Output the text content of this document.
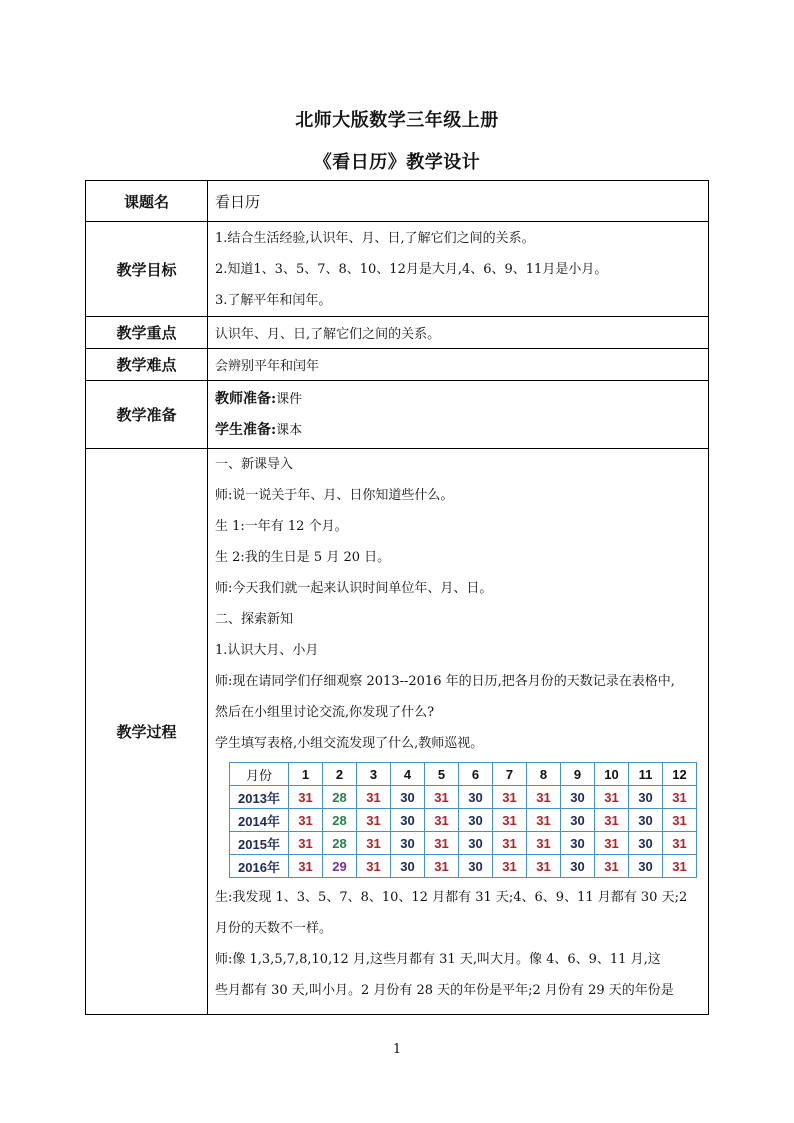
北师大版数学三年级上册
《看日历》教学设计
课题名	看日历
教学目标	
1.结合生活经验,认识年、月、日,了解它们之间的关系。
2.知道1、3、5、7、8、10、12月是大月,4、6、9、11月是小月。
3.了解平年和闰年。

教学重点	认识年、月、日,了解它们之间的关系。
教学难点	会辨别平年和闰年
教学准备	
教师准备:课件
学生准备:课本

教学过程	
一、新课导入
师:说一说关于年、月、日你知道些什么。
生 1:一年有 12 个月。
生 2:我的生日是 5 月 20 日。
师:今天我们就一起来认识时间单位年、月、日。
二、探索新知
1.认识大月、小月
师:现在请同学们仔细观察 2013--2016 年的日历,把各月份的天数记录在表格中,
然后在小组里讨论交流,你发现了什么?
学生填写表格,小组交流发现了什么,教师巡视。
月份	1	2	3	4	5	6	7	8	9	10	11	12
2013年	31	28	31	30	31	30	31	31	30	31	30	31
2014年	31	28	31	30	31	30	31	31	30	31	30	31
2015年	31	28	31	30	31	30	31	31	30	31	30	31
2016年	31	29	31	30	31	30	31	31	30	31	30	31
生:我发现 1、3、5、7、8、10、12 月都有 31 天;4、6、9、11 月都有 30 天;2
月份的天数不一样。
师:像 1,3,5,7,8,10,12 月,这些月都有 31 天,叫大月。像 4、6、9、11 月,这
些月都有 30 天,叫小月。2 月份有 28 天的年份是平年;2 月份有 29 天的年份是
1
